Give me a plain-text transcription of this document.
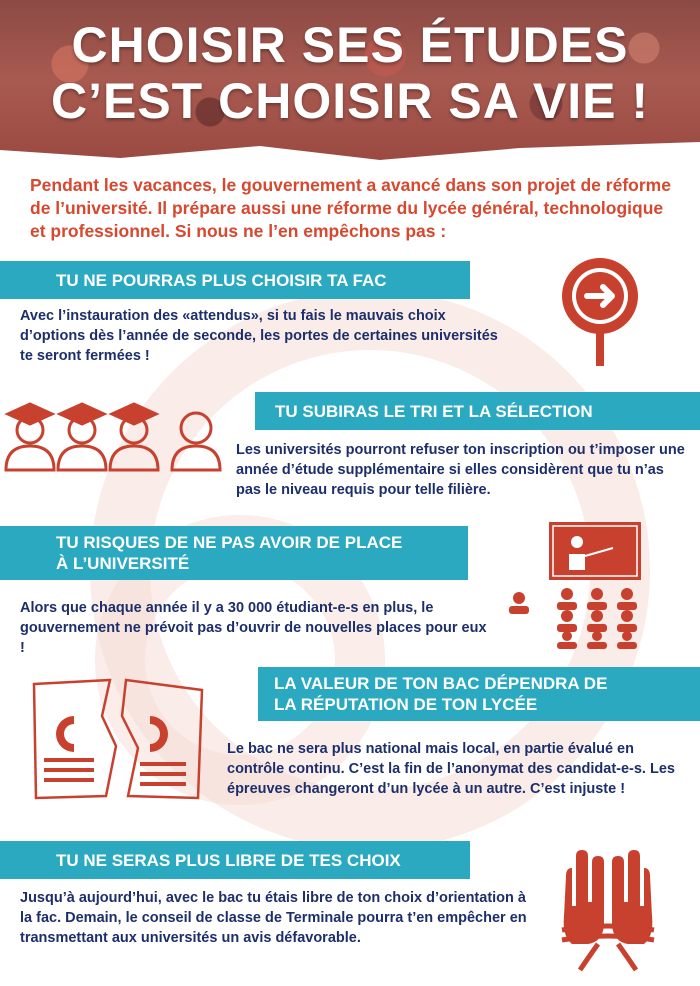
CHOISIR SES ÉTUDES
C’EST CHOISIR SA VIE !

Pendant les vacances, le gouvernement a avancé dans son projet de réforme de l’université. Il prépare aussi une réforme du lycée général, technologique et professionnel. Si nous ne l’en empêchons pas :

TU NE POURRAS PLUS CHOISIR TA FAC

Avec l’instauration des «attendus», si tu fais le mauvais choix d’options dès l’année de seconde, les portes de certaines universités te seront fermées !

TU SUBIRAS LE TRI ET LA SÉLECTION

Les universités pourront refuser ton inscription ou t’imposer une année d’étude supplémentaire si elles considèrent que tu n’as pas le niveau requis pour telle filière.

TU RISQUES DE NE PAS AVOIR DE PLACE
À L’UNIVERSITÉ

Alors que chaque année il y a 30 000 étudiant-e-s en plus, le gouvernement ne prévoit pas d’ouvrir de nouvelles places pour eux !

LA VALEUR DE TON BAC DÉPENDRA DE
LA RÉPUTATION DE TON LYCÉE

Le bac ne sera plus national mais local, en partie évalué en contrôle continu. C’est la fin de l’anonymat des candidat-e-s. Les épreuves changeront d’un lycée à un autre. C’est injuste !

TU NE SERAS PLUS LIBRE DE TES CHOIX

Jusqu’à aujourd’hui, avec le bac tu étais libre de ton choix d’orientation à la fac. Demain, le conseil de classe de Terminale pourra t’en empêcher en transmettant aux universités un avis défavorable.
